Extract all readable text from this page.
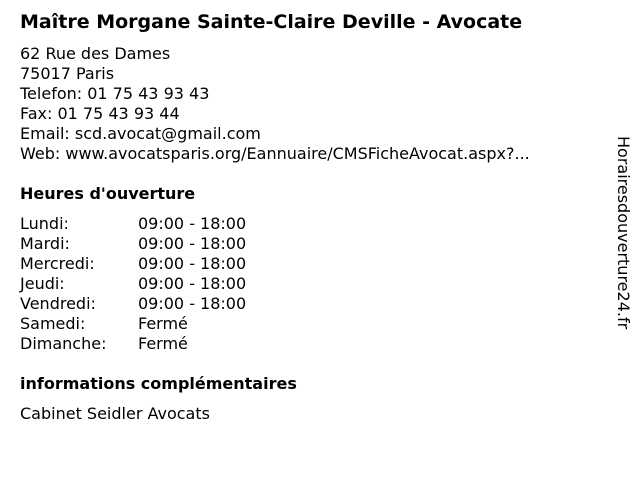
Maître Morgane Sainte-Claire Deville - Avocate
62 Rue des Dames
75017 Paris
Telefon: 01 75 43 93 43
Fax: 01 75 43 93 44
Email: scd.avocat@gmail.com
Web: www.avocatsparis.org/Eannuaire/CMSFicheAvocat.aspx?...
Heures d'ouverture
Lundi:	09:00 - 18:00
Mardi:	09:00 - 18:00
Mercredi:	09:00 - 18:00
Jeudi:	09:00 - 18:00
Vendredi:	09:00 - 18:00
Samedi:	Fermé
Dimanche:	Fermé
informations complémentaires
Cabinet Seidler Avocats
Horairesdouverture24.fr
